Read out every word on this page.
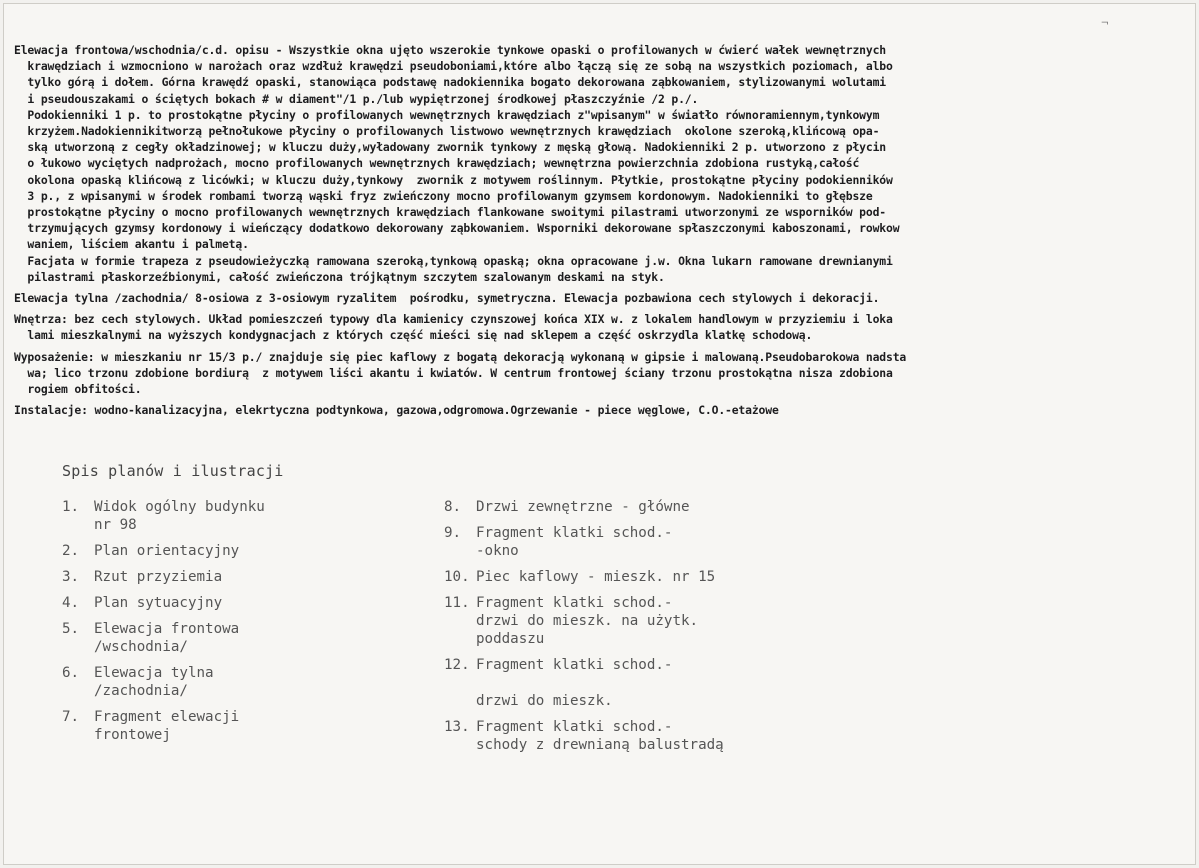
¬
Elewacja frontowa/wschodnia/c.d. opisu - Wszystkie okna ujęto wszerokie tynkowe opaski o profilowanych w ćwierć wałek wewnętrznych
krawędziach i wzmocniono w narożach oraz wzdłuż krawędzi pseudoboniami,które albo łączą się ze sobą na wszystkich poziomach, albo
tylko górą i dołem. Górna krawędź opaski, stanowiąca podstawę nadokiennika bogato dekorowana ząbkowaniem, stylizowanymi wolutami
i pseudouszakami o ściętych bokach # w diament"/1 p./lub wypiętrzonej środkowej płaszczyźnie /2 p./.
Podokienniki 1 p. to prostokątne płyciny o profilowanych wewnętrznych krawędziach z"wpisanym" w światło równoramiennym,tynkowym
krzyżem.Nadokiennikitworzą pełnołukowe płyciny o profilowanych listwowo wewnętrznych krawędziach  okolone szeroką,klińcową opa-
ską utworzoną z cegły okładzinowej; w kluczu duży,wyładowany zwornik tynkowy z męską głową. Nadokienniki 2 p. utworzono z płycin
o łukowo wyciętych nadprożach, mocno profilowanych wewnętrznych krawędziach; wewnętrzna powierzchnia zdobiona rustyką,całość
okolona opaską klińcową z licówki; w kluczu duży,tynkowy  zwornik z motywem roślinnym. Płytkie, prostokątne płyciny podokienników
3 p., z wpisanymi w środek rombami tworzą wąski fryz zwieńczony mocno profilowanym gzymsem kordonowym. Nadokienniki to głębsze
prostokątne płyciny o mocno profilowanych wewnętrznych krawędziach flankowane swoitymi pilastrami utworzonymi ze wsporników pod-
trzymujących gzymsy kordonowy i wieńczący dodatkowo dekorowany ząbkowaniem. Wsporniki dekorowane spłaszczonymi kaboszonami, rowkow
waniem, liściem akantu i palmetą.
Facjata w formie trapeza z pseudowieżyczką ramowana szeroką,tynkową opaską; okna opracowane j.w. Okna lukarn ramowane drewnianymi
pilastrami płaskorzeźbionymi, całość zwieńczona trójkątnym szczytem szalowanym deskami na styk.
Elewacja tylna /zachodnia/ 8-osiowa z 3-osiowym ryzalitem  pośrodku, symetryczna. Elewacja pozbawiona cech stylowych i dekoracji.
Wnętrza: bez cech stylowych. Układ pomieszczeń typowy dla kamienicy czynszowej końca XIX w. z lokalem handlowym w przyziemiu i loka
lami mieszkalnymi na wyższych kondygnacjach z których część mieści się nad sklepem a część oskrzydla klatkę schodową.
Wyposażenie: w mieszkaniu nr 15/3 p./ znajduje się piec kaflowy z bogatą dekoracją wykonaną w gipsie i malowaną.Pseudobarokowa nadsta
wa; lico trzonu zdobione bordiurą  z motywem liści akantu i kwiatów. W centrum frontowej ściany trzonu prostokątna nisza zdobiona
rogiem obfitości.
Instalacje: wodno-kanalizacyjna, elekrtyczna podtynkowa, gazowa,odgromowa.Ogrzewanie - piece węglowe, C.O.-etażowe
Spis planów i ilustracji
1.	Widok ogólny budynku
nr 98
2.	Plan orientacyjny
3.	Rzut przyziemia
4.	Plan sytuacyjny
5.	Elewacja frontowa
/wschodnia/
6.	Elewacja tylna
/zachodnia/
7.	Fragment elewacji
frontowej
8.	Drzwi zewnętrzne - główne
9.	Fragment klatki schod.-
-okno
10. Piec kaflowy - mieszk. nr 15
11. Fragment klatki schod.-
drzwi do mieszk. na użytk.
poddaszu
12. Fragment klatki schod.-

drzwi do mieszk.
13. Fragment klatki schod.-
schody z drewnianą balustradą
